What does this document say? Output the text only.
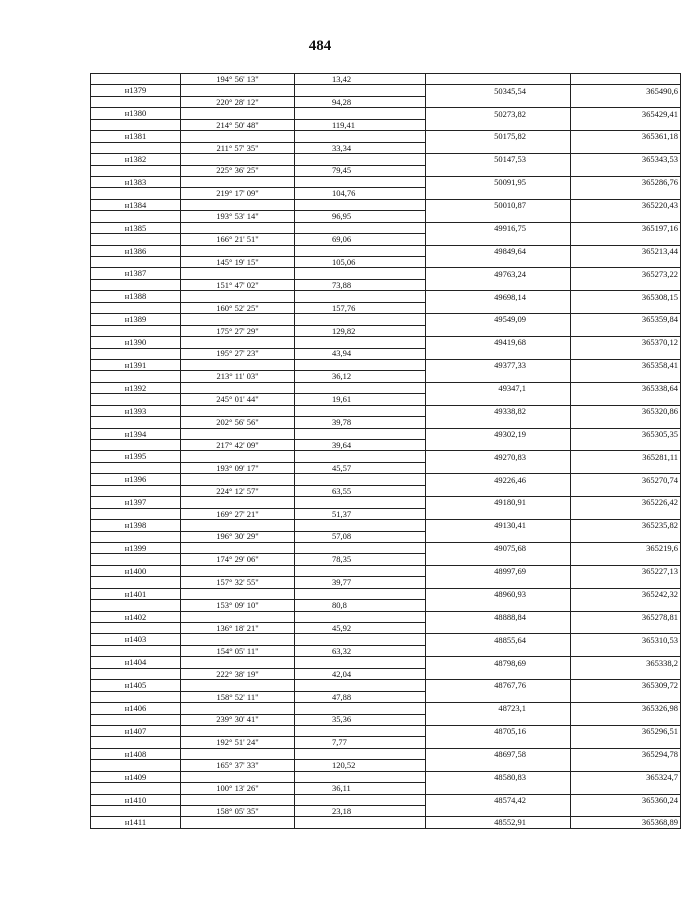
484
	194° 56' 13"	13,42		
н1379			50345,54	365490,6
	220° 28' 12"	94,28		
н1380			50273,82	365429,41
	214° 50' 48"	119,41		
н1381			50175,82	365361,18
	211° 57' 35"	33,34		
н1382			50147,53	365343,53
	225° 36' 25"	79,45		
н1383			50091,95	365286,76
	219° 17' 09"	104,76		
н1384			50010,87	365220,43
	193° 53' 14"	96,95		
н1385			49916,75	365197,16
	166° 21' 51"	69,06		
н1386			49849,64	365213,44
	145° 19' 15"	105,06		
н1387			49763,24	365273,22
	151° 47' 02"	73,88		
н1388			49698,14	365308,15
	160° 52' 25"	157,76		
н1389			49549,09	365359,84
	175° 27' 29"	129,82		
н1390			49419,68	365370,12
	195° 27' 23"	43,94		
н1391			49377,33	365358,41
	213° 11' 03"	36,12		
н1392			49347,1	365338,64
	245° 01' 44"	19,61		
н1393			49338,82	365320,86
	202° 56' 56"	39,78		
н1394			49302,19	365305,35
	217° 42' 09"	39,64		
н1395			49270,83	365281,11
	193° 09' 17"	45,57		
н1396			49226,46	365270,74
	224° 12' 57"	63,55		
н1397			49180,91	365226,42
	169° 27' 21"	51,37		
н1398			49130,41	365235,82
	196° 30' 29"	57,08		
н1399			49075,68	365219,6
	174° 29' 06"	78,35		
н1400			48997,69	365227,13
	157° 32' 55"	39,77		
н1401			48960,93	365242,32
	153° 09' 10"	80,8		
н1402			48888,84	365278,81
	136° 18' 21"	45,92		
н1403			48855,64	365310,53
	154° 05' 11"	63,32		
н1404			48798,69	365338,2
	222° 38' 19"	42,04		
н1405			48767,76	365309,72
	158° 52' 11"	47,88		
н1406			48723,1	365326,98
	239° 30' 41"	35,36		
н1407			48705,16	365296,51
	192° 51' 24"	7,77		
н1408			48697,58	365294,78
	165° 37' 33"	120,52		
н1409			48580,83	365324,7
	100° 13' 26"	36,11		
н1410			48574,42	365360,24
	158° 05' 35"	23,18		
н1411			48552,91	365368,89
